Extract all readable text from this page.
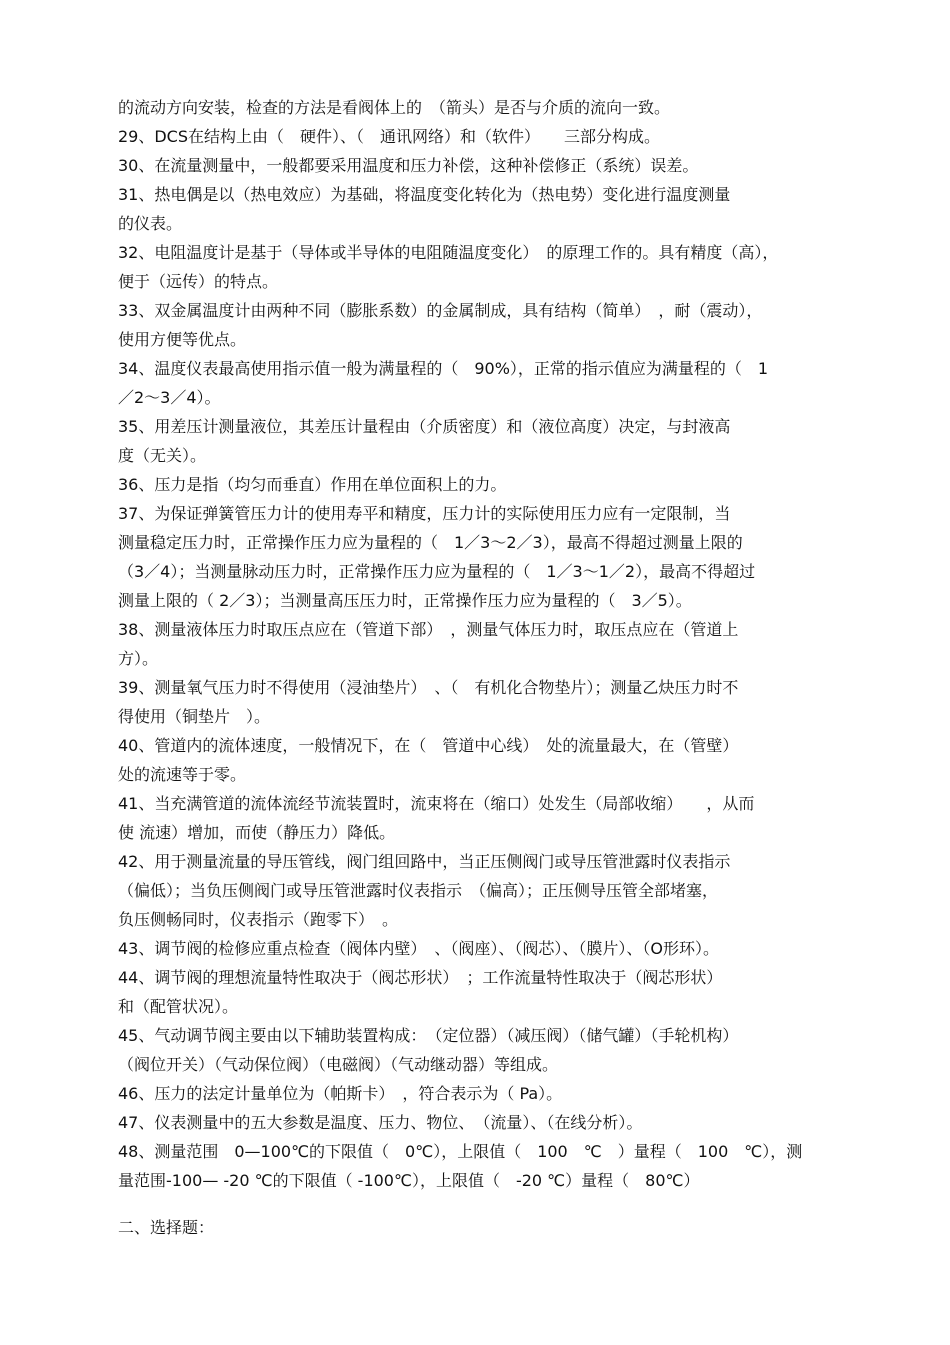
的流动方向安装，检查的方法是看阀体上的　（箭头）是否与介质的流向一致。
29、DCS在结构上由（　硬件）、（　通讯网络）和（软件）　　三部分构成。
30、在流量测量中，一般都要采用温度和压力补偿，这种补偿修正（系统）误差。
31、热电偶是以（热电效应）为基础，将温度变化转化为（热电势）变化进行温度测量
的仪表。
32、电阻温度计是基于（导体或半导体的电阻随温度变化）　的原理工作的。具有精度（高），
便于（远传）的特点。
33、双金属温度计由两种不同（膨胀系数）的金属制成，具有结构（简单）　，耐（震动），
使用方便等优点。
34、温度仪表最高使用指示值一般为满量程的（　90%），正常的指示值应为满量程的（　1
／2～3／4）。
35、用差压计测量液位，其差压计量程由（介质密度）和（液位高度）决定，与封液高
度（无关）。
36、压力是指（均匀而垂直）作用在单位面积上的力。
37、为保证弹簧管压力计的使用寿平和精度，压力计的实际使用压力应有一定限制，当
测量稳定压力时，正常操作压力应为量程的（　1／3～2／3），最高不得超过测量上限的
（3／4）；当测量脉动压力时，正常操作压力应为量程的（　1／3～1／2），最高不得超过
测量上限的（ 2／3）；当测量高压压力时，正常操作压力应为量程的（　3／5）。
38、测量液体压力时取压点应在（管道下部）　，测量气体压力时，取压点应在（管道上
方）。
39、测量氧气压力时不得使用（浸油垫片）　、（　有机化合物垫片）；测量乙炔压力时不
得使用（铜垫片　）。
40、管道内的流体速度，一般情况下，在（　管道中心线）　处的流量最大，在（管壁）
处的流速等于零。
41、当充满管道的流体流经节流装置时，流束将在（缩口）处发生（局部收缩）　　，从而
使 流速）增加，而使（静压力）降低。
42、用于测量流量的导压管线，阀门组回路中，当正压侧阀门或导压管泄露时仪表指示
（偏低）；当负压侧阀门或导压管泄露时仪表指示　（偏高）；正压侧导压管全部堵塞，
负压侧畅同时，仪表指示（跑零下）　。
43、调节阀的检修应重点检查（阀体内壁）　、（阀座）、（阀芯）、（膜片）、（O形环）。
44、调节阀的理想流量特性取决于（阀芯形状）　；工作流量特性取决于（阀芯形状）
和（配管状况）。
45、气动调节阀主要由以下辅助装置构成：　（定位器）（减压阀）（储气罐）（手轮机构）
（阀位开关）（气动保位阀）（电磁阀）（气动继动器）等组成。
46、压力的法定计量单位为（帕斯卡）　，符合表示为（ Pa）。
47、仪表测量中的五大参数是温度、压力、物位、　（流量）、（在线分析）。
48、测量范围　0—100℃的下限值（　0℃），上限值（　100　℃　）量程（　100　℃），测
量范围-100— -20 ℃的下限值（ -100℃），上限值（　-20 ℃）量程（　80℃）
二、选择题：
